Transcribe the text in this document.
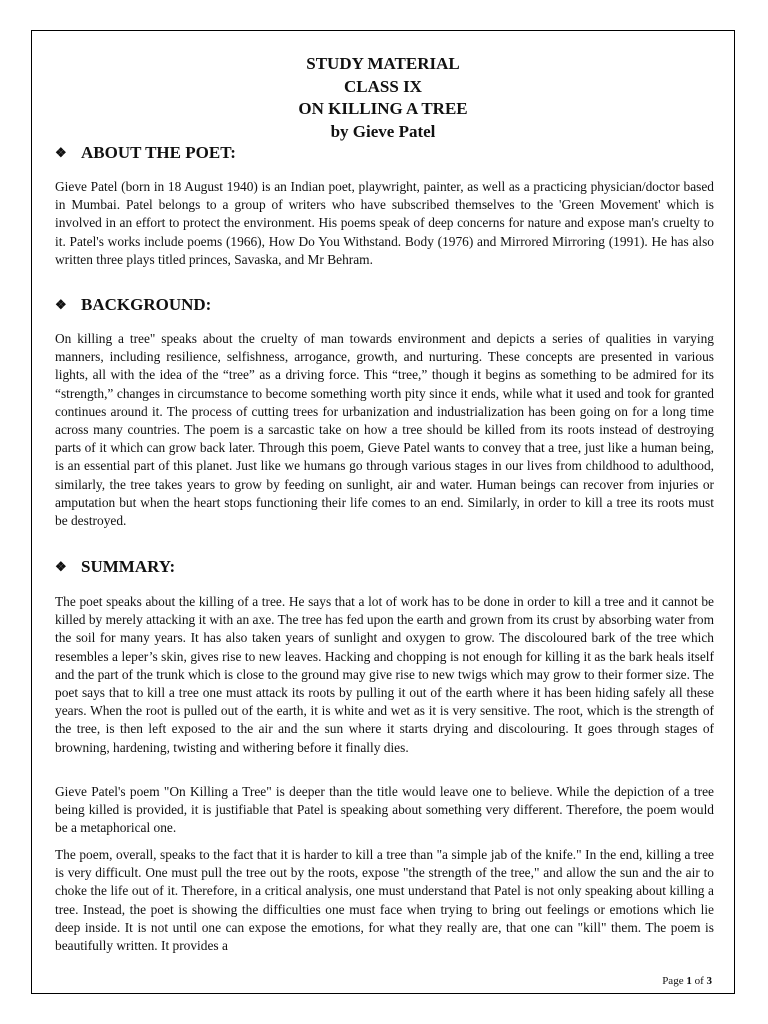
STUDY MATERIAL
CLASS IX
ON KILLING A TREE
by Gieve Patel
❖ ABOUT THE POET:

Gieve Patel (born in 18 August 1940) is an Indian poet, playwright, painter, as well as a practicing physician/doctor based in Mumbai. Patel belongs to a group of writers who have subscribed themselves to the 'Green Movement' which is involved in an effort to protect the environment. His poems speak of deep concerns for nature and expose man's cruelty to it. Patel's works include poems (1966), How Do You Withstand. Body (1976) and Mirrored Mirroring (1991). He has also written three plays titled princes, Savaska, and Mr Behram.

❖ BACKGROUND:

On killing a tree" speaks about the cruelty of man towards environment and depicts a series of qualities in varying manners, including resilience, selfishness, arrogance, growth, and nurturing. These concepts are presented in various lights, all with the idea of the “tree” as a driving force. This “tree,” though it begins as something to be admired for its “strength,” changes in circumstance to become something worth pity since it ends, while what it used and took for granted continues around it. The process of cutting trees for urbanization and industrialization has been going on for a long time across many countries. The poem is a sarcastic take on how a tree should be killed from its roots instead of destroying parts of it which can grow back later. Through this poem, Gieve Patel wants to convey that a tree, just like a human being, is an essential part of this planet. Just like we humans go through various stages in our lives from childhood to adulthood, similarly, the tree takes years to grow by feeding on sunlight, air and water. Human beings can recover from injuries or amputation but when the heart stops functioning their life comes to an end. Similarly, in order to kill a tree its roots must be destroyed.

❖ SUMMARY:

The poet speaks about the killing of a tree. He says that a lot of work has to be done in order to kill a tree and it cannot be killed by merely attacking it with an axe. The tree has fed upon the earth and grown from its crust by absorbing water from the soil for many years. It has also taken years of sunlight and oxygen to grow. The discoloured bark of the tree which resembles a leper’s skin, gives rise to new leaves. Hacking and chopping is not enough for killing it as the bark heals itself and the part of the trunk which is close to the ground may give rise to new twigs which may grow to their former size. The poet says that to kill a tree one must attack its roots by pulling it out of the earth where it has been hiding safely all these years. When the root is pulled out of the earth, it is white and wet as it is very sensitive. The root, which is the strength of the tree, is then left exposed to the air and the sun where it starts drying and discolouring. It goes through stages of browning, hardening, twisting and withering before it finally dies.

Gieve Patel's poem "On Killing a Tree" is deeper than the title would leave one to believe. While the depiction of a tree being killed is provided, it is justifiable that Patel is speaking about something very different. Therefore, the poem would be a metaphorical one.

The poem, overall, speaks to the fact that it is harder to kill a tree than "a simple jab of the knife." In the end, killing a tree is very difficult. One must pull the tree out by the roots, expose "the strength of the tree," and allow the sun and the air to choke the life out of it. Therefore, in a critical analysis, one must understand that Patel is not only speaking about killing a tree. Instead, the poet is showing the difficulties one must face when trying to bring out feelings or emotions which lie deep inside. It is not until one can expose the emotions, for what they really are, that one can "kill" them. The poem is beautifully written. It provides a

Page 1 of 3
